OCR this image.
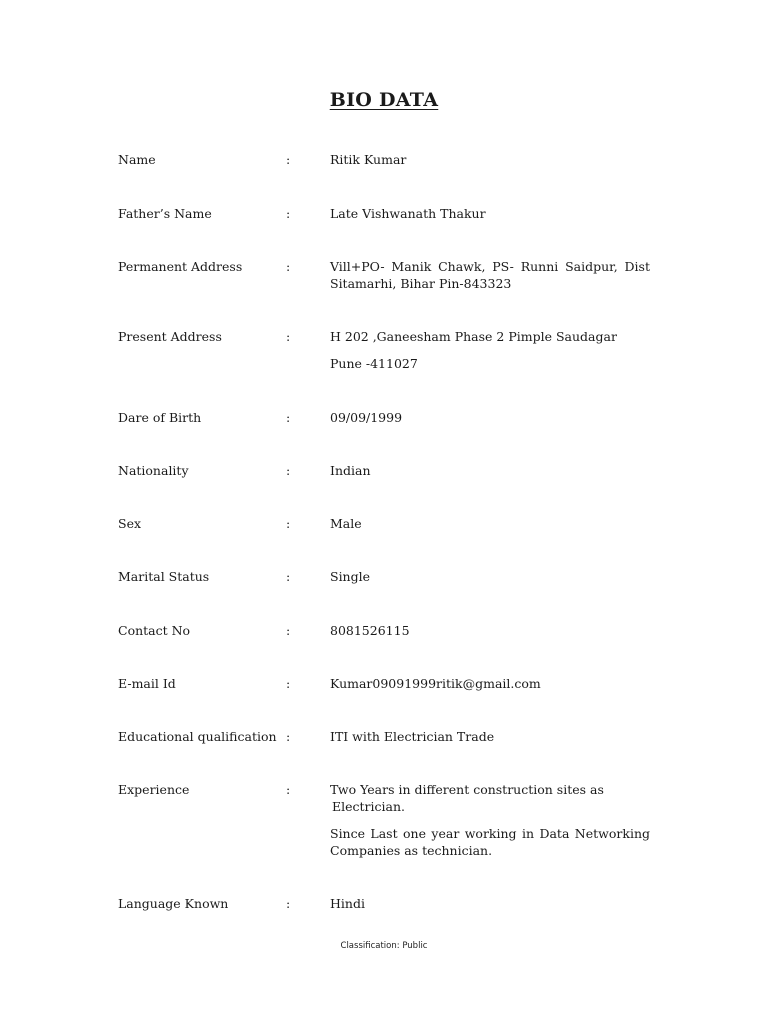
BIO DATA
Name	:	Ritik Kumar

Father’s Name	:	Late Vishwanath Thakur

Permanent Address	:	Vill+PO- Manik Chawk, PS- Runni Saidpur, Dist Sitamarhi, Bihar Pin-843323

Present Address	:	H 202 ,Ganeesham Phase 2 Pimple Saudagar

Pune -411027

Dare of Birth	:	09/09/1999

Nationality	:	Indian

Sex	:	Male

Marital Status	:	Single

Contact No	:	8081526115

E-mail Id	:	Kumar09091999ritik@gmail.com

Educational qualification :	ITI with Electrician Trade

Experience	:	Two Years in different construction sites as

Electrician.

Since Last one year working in Data Networking Companies as technician.

Language Known	:	Hindi

Classification: Public
